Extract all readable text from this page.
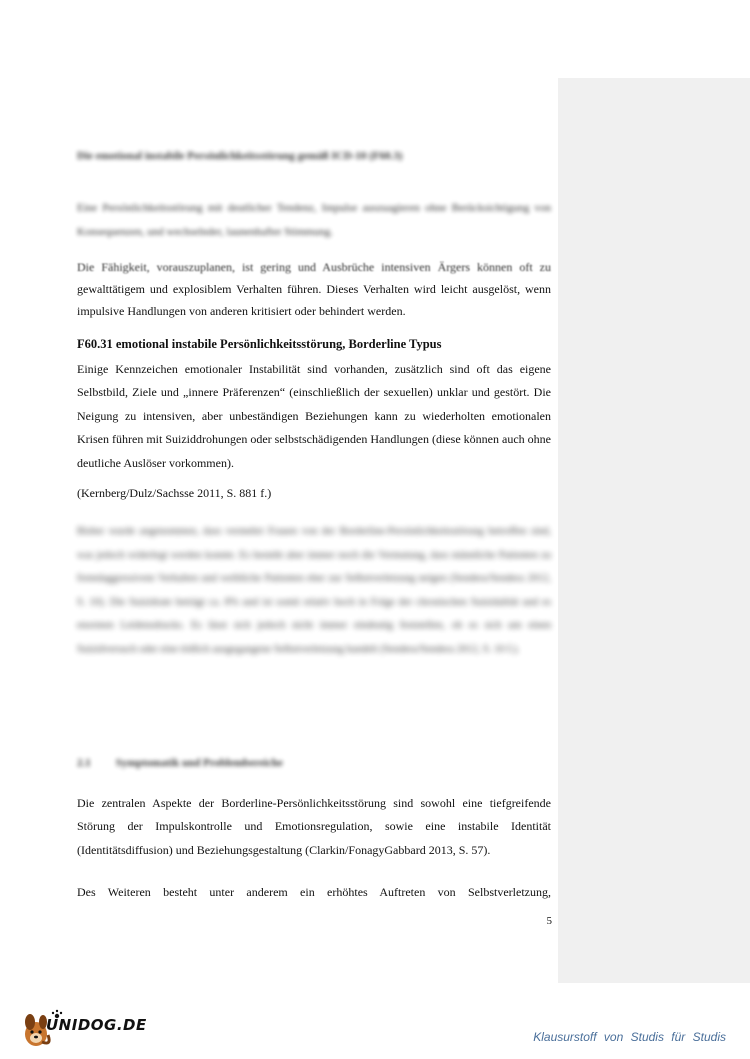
Die emotional instabile Persönlichkeitsstörung gemäß ICD-10 (F60.3)
Eine Persönlichkeitsstörung mit deutlicher Tendenz, Impulse auszuagieren ohne Berücksichtigung von Konsequenzen, und wechselnder, launenhafter Stimmung.
Die Fähigkeit, vorauszuplanen, ist gering und Ausbrüche intensiven Ärgers können oft zu gewalttätigem und explosiblem Verhalten führen. Dieses Verhalten wird leicht ausgelöst, wenn impulsive Handlungen von anderen kritisiert oder behindert werden.
F60.31 emotional instabile Persönlichkeitsstörung, Borderline Typus
Einige Kennzeichen emotionaler Instabilität sind vorhanden, zusätzlich sind oft das eigene Selbstbild, Ziele und „innere Präferenzen“ (einschließlich der sexuellen) unklar und gestört. Die Neigung zu intensiven, aber unbeständigen Beziehungen kann zu wiederholten emotionalen Krisen führen mit Suiziddrohungen oder selbstschädigenden Handlungen (diese können auch ohne deutliche Auslöser vorkommen).
(Kernberg/Dulz/Sachsse 2011, S. 881 f.)
Bisher wurde angenommen, dass vermehrt Frauen von der Borderline-Persönlichkeitsstörung betroffen sind, was jedoch widerlegt werden konnte. Es besteht aber immer noch die Vermutung, dass männliche Patienten zu fremdaggressivem Verhalten und weibliche Patienten eher zur Selbstverletzung neigen (Sendera/Sendera 2012, S. 10). Die Suizidrate beträgt ca. 8% und ist somit relativ hoch in Folge der chronischen Suizidalität und es enormen Leidensdrucks. Es lässt sich jedoch nicht immer eindeutig feststellen, ob es sich um einen Suizidversuch oder eine tödlich ausgegangene Selbstverletzung handelt (Sendera/Sendera 2012, S. 10 f.).
2.1 Symptomatik und Problembereiche
Die zentralen Aspekte der Borderline-Persönlichkeitsstörung sind sowohl eine tiefgreifende Störung der Impulskontrolle und Emotionsregulation, sowie eine instabile Identität (Identitätsdiffusion) und Beziehungsgestaltung (Clarkin/FonagyGabbard 2013, S. 57).
Des Weiteren besteht unter anderem ein erhöhtes Auftreten von Selbstverletzung,
5
UNIDOG.DE
Klausurstoff von Studis für Studis
